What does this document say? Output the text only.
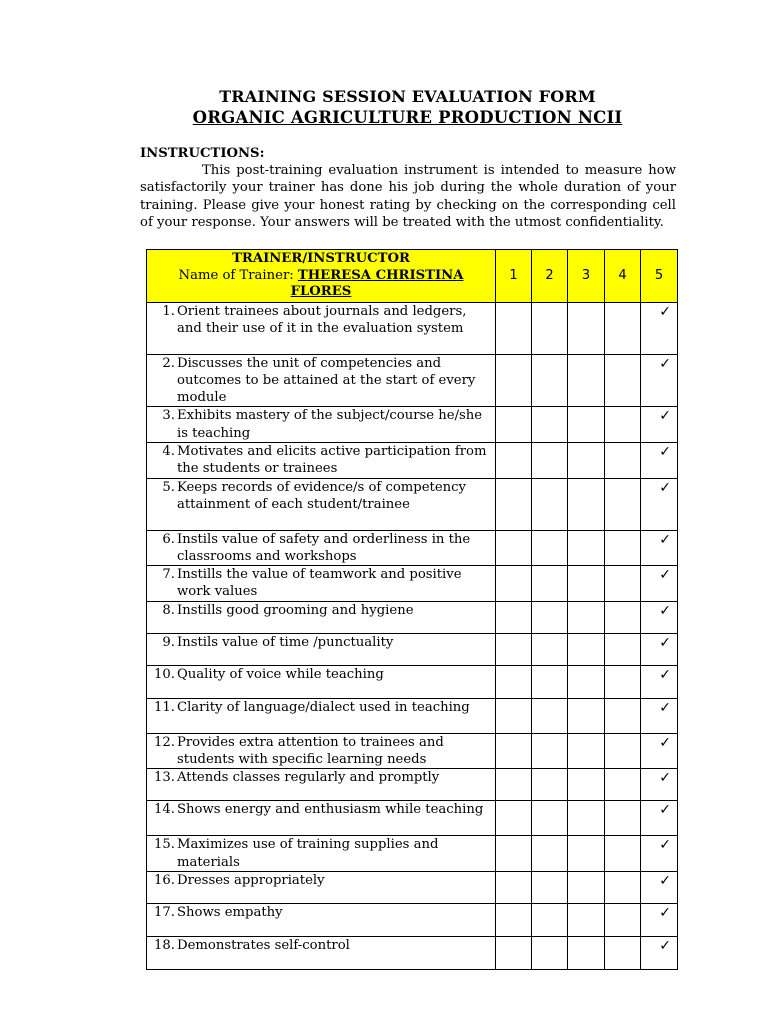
TRAINING SESSION EVALUATION FORM
ORGANIC AGRICULTURE PRODUCTION NCII
INSTRUCTIONS:

This post-training evaluation instrument is intended to measure how satisfactorily your trainer has done his job during the whole duration of your training. Please give your honest rating by checking on the corresponding cell of your response. Your answers will be treated with the utmost confidentiality.

TRAINER/INSTRUCTOR
Name of Trainer: THERESA CHRISTINA FLORES	1	2	3	4	5

1. Orient trainees about journals and ledgers, and their use of it in the evaluation system					✓

2. Discusses the unit of competencies and outcomes to be attained at the start of every module					✓

3. Exhibits mastery of the subject/course he/she is teaching					✓

4. Motivates and elicits active participation from the students or trainees					✓

5. Keeps records of evidence/s of competency attainment of each student/trainee					✓

6. Instils value of safety and orderliness in the classrooms and workshops					✓

7. Instills the value of teamwork and positive work values					✓

8. Instills good grooming and hygiene					✓

9. Instils value of time /punctuality					✓

10. Quality of voice while teaching					✓

11. Clarity of language/dialect used in teaching					✓

12. Provides extra attention to trainees and students with specific learning needs					✓

13. Attends classes regularly and promptly					✓

14. Shows energy and enthusiasm while teaching					✓

15. Maximizes use of training supplies and materials					✓

16. Dresses appropriately					✓

17. Shows empathy					✓

18. Demonstrates self-control					✓
